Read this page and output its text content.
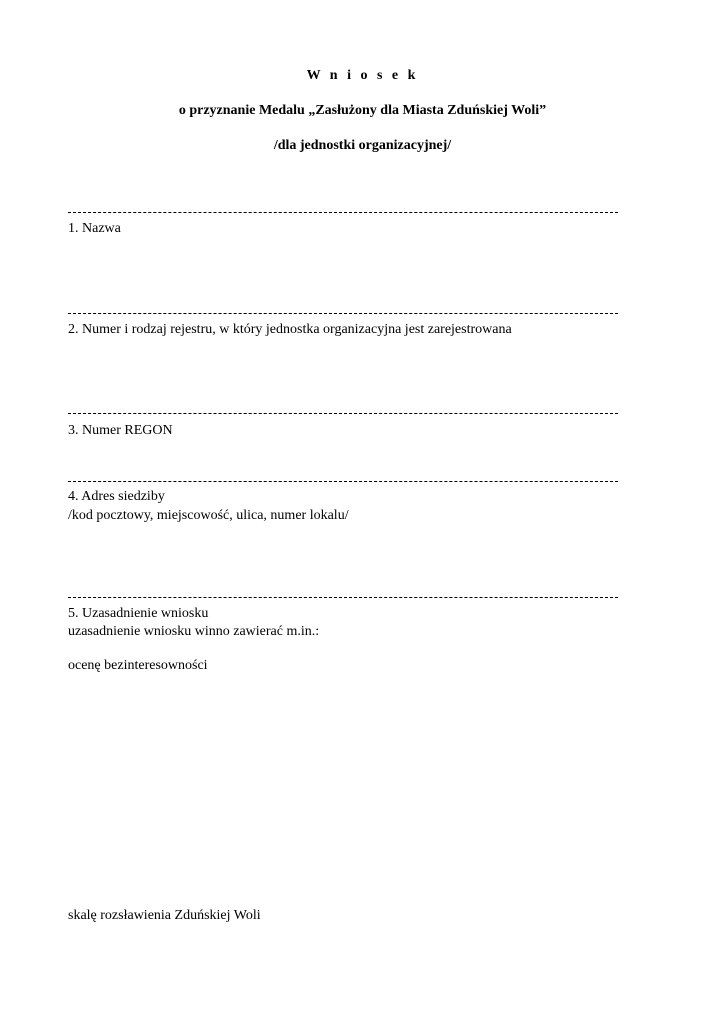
W n i o s e k

o przyznanie Medalu „Zasłużony dla Miasta Zduńskiej Woli”

/dla jednostki organizacyjnej/

1. Nazwa

2. Numer i rodzaj rejestru, w który jednostka organizacyjna jest zarejestrowana

3. Numer REGON

4. Adres siedziby

/kod pocztowy, miejscowość, ulica, numer lokalu/

5. Uzasadnienie wniosku

uzasadnienie wniosku winno zawierać m.in.:

ocenę bezinteresowności

skalę rozsławienia Zduńskiej Woli
